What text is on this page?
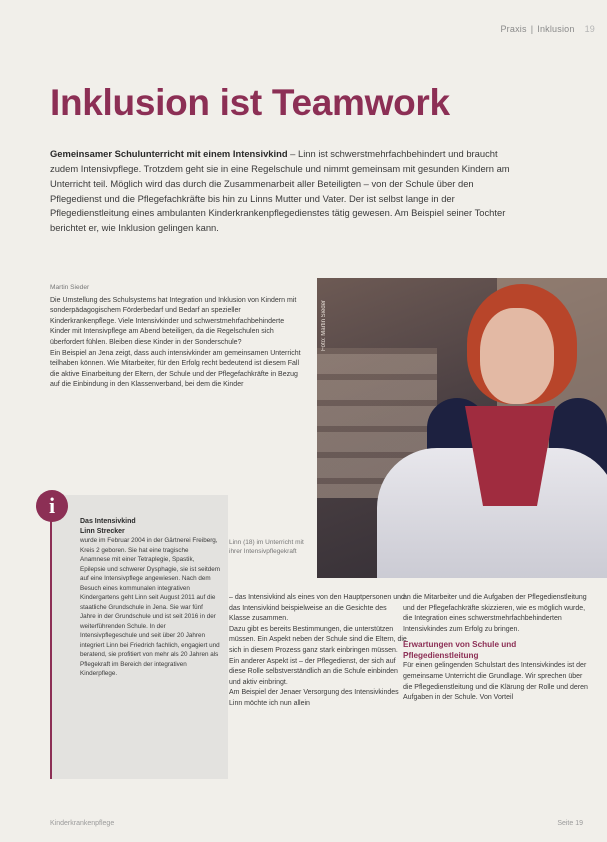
Praxis | Inklusion 19
Inklusion ist Teamwork

Gemeinsamer Schulunterricht mit einem Intensivkind – Linn ist schwerstmehrfachbehindert und braucht zudem Intensivpflege. Trotzdem geht sie in eine Regelschule und nimmt gemeinsam mit gesunden Kindern am Unterricht teil. Möglich wird das durch die Zusammenarbeit aller Beteiligten – von der Schule über den Pflegedienst und die Pflegefachkräfte bis hin zu Linns Mutter und Vater. Der ist selbst lange in der Pflegedienstleitung eines ambulanten Kinderkrankenpflegedienstes tätig gewesen. Am Beispiel seiner Tochter berichtet er, wie Inklusion gelingen kann.

Martin Sieder

Die Umstellung des Schulsystems hat Integration und Inklusion von Kindern mit sonderpädagogischem Förderbedarf und Bedarf an spezieller Kinderkrankenpflege. Viele Intensivkinder und schwerstmehrfachbehinderte Kinder mit Intensivpflege am Abend beteiligen, da die Regelschulen sich überfordert fühlen. Bleiben diese Kinder in der Sonderschule?

Ein Beispiel an Jena zeigt, dass auch intensivkinder am gemeinsamen Unterricht teilhaben können. Wie Mitarbeiter, für den Erfolg recht bedeutend ist diesem Fall die aktive Einarbeitung der Eltern, der Schule und der Pflegefachkräfte in Bezug auf die Einbindung in den Klassenverband, bei dem die Kinder

Foto: Martin Sieder
Linn (18) im Unterricht mit ihrer Intensivpflegekraft
Das Intensivkind
Linn Strecker
wurde im Februar 2004 in der Gärtnerei Freiberg, Kreis 2 geboren. Sie hat eine tragische Anamnese mit einer Tetraplegie, Spastik, Epilepsie und schwerer Dysphagie, sie ist seitdem auf eine Intensivpflege angewiesen. Nach dem Besuch eines kommunalen integrativen Kindergartens geht Linn seit August 2011 auf die staatliche Grundschule in Jena. Sie war fünf Jahre in der Grundschule und ist seit 2016 in der weiterführenden Schule. In der Intensivpflegeschule und seit über 20 Jahren integriert Linn bei Friedrich fachlich, engagiert und beratend, sie profitiert von mehr als 20 Jahren als Pflegekraft im Bereich der integrativen Kinderpflege.
i

– das Intensivkind als eines von den Hauptpersonen und das Intensivkind beispielweise an die Gesichte des Klasse zusammen.

Dazu gibt es bereits Bestimmungen, die unterstützen müssen. Ein Aspekt neben der Schule sind die Eltern, die sich in diesem Prozess ganz stark einbringen müssen. Ein anderer Aspekt ist – der Pflegedienst, der sich auf diese Rolle selbstverständlich an die Schule einbinden und aktiv einbringt.

Am Beispiel der Jenaer Versorgung des Intensivkindes Linn möchte ich nun allein

an die Mitarbeiter und die Aufgaben der Pflegedienstleitung und der Pflegefachkräfte skizzieren, wie es möglich wurde, die Integration eines schwerstmehrfachbehinderten Intensivkindes zum Erfolg zu bringen.

Erwartungen von Schule und Pflegedienstleitung

Für einen gelingenden Schulstart des Intensivkindes ist der gemeinsame Unterricht die Grundlage. Wir sprechen über die Pflegedienstleitung und die Klärung der Rolle und deren Aufgaben in der Schule. Von Vorteil

Kinderkrankenpflege	Seite 19
